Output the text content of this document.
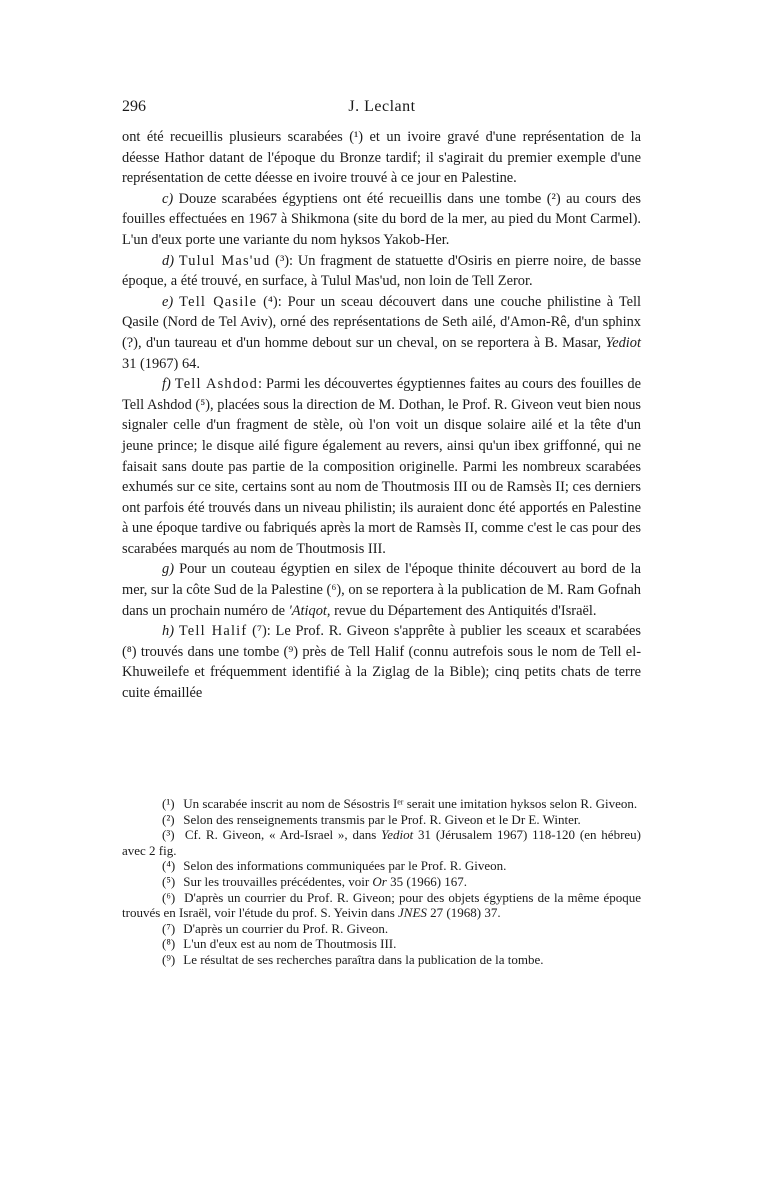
296	J. Leclant

ont été recueillis plusieurs scarabées (¹) et un ivoire gravé d'une représentation de la déesse Hathor datant de l'époque du Bronze tardif; il s'agirait du premier exemple d'une représentation de cette déesse en ivoire trouvé à ce jour en Palestine.

c) Douze scarabées égyptiens ont été recueillis dans une tombe (²) au cours des fouilles effectuées en 1967 à Shikmona (site du bord de la mer, au pied du Mont Carmel). L'un d'eux porte une variante du nom hyksos Yakob-Her.

d) Tulul Mas'ud (³): Un fragment de statuette d'Osiris en pierre noire, de basse époque, a été trouvé, en surface, à Tulul Mas'ud, non loin de Tell Zeror.

e) Tell Qasile (⁴): Pour un sceau découvert dans une couche philistine à Tell Qasile (Nord de Tel Aviv), orné des représentations de Seth ailé, d'Amon-Rê, d'un sphinx (?), d'un taureau et d'un homme debout sur un cheval, on se reportera à B. Masar, Yediot 31 (1967) 64.

f) Tell Ashdod: Parmi les découvertes égyptiennes faites au cours des fouilles de Tell Ashdod (⁵), placées sous la direction de M. Dothan, le Prof. R. Giveon veut bien nous signaler celle d'un fragment de stèle, où l'on voit un disque solaire ailé et la tête d'un jeune prince; le disque ailé figure également au revers, ainsi qu'un ibex griffonné, qui ne faisait sans doute pas partie de la composition originelle. Parmi les nombreux scarabées exhumés sur ce site, certains sont au nom de Thoutmosis III ou de Ramsès II; ces derniers ont parfois été trouvés dans un niveau philistin; ils auraient donc été apportés en Palestine à une époque tardive ou fabriqués après la mort de Ramsès II, comme c'est le cas pour des scarabées marqués au nom de Thoutmosis III.

g) Pour un couteau égyptien en silex de l'époque thinite découvert au bord de la mer, sur la côte Sud de la Palestine (⁶), on se reportera à la publication de M. Ram Gofnah dans un prochain numéro de 'Atiqot, revue du Département des Antiquités d'Israël.

h) Tell Halif (⁷): Le Prof. R. Giveon s'apprête à publier les sceaux et scarabées (⁸) trouvés dans une tombe (⁹) près de Tell Halif (connu autrefois sous le nom de Tell el-Khuweilefe et fréquemment identifié à la Ziglag de la Bible); cinq petits chats de terre cuite émaillée

(¹) Un scarabée inscrit au nom de Sésostris Iᵉʳ serait une imitation hyksos selon R. Giveon.

(²) Selon des renseignements transmis par le Prof. R. Giveon et le Dr E. Winter.

(³) Cf. R. Giveon, « Ard-Israel », dans Yediot 31 (Jérusalem 1967) 118-120 (en hébreu) avec 2 fig.

(⁴) Selon des informations communiquées par le Prof. R. Giveon.

(⁵) Sur les trouvailles précédentes, voir Or 35 (1966) 167.

(⁶) D'après un courrier du Prof. R. Giveon; pour des objets égyptiens de la même époque trouvés en Israël, voir l'étude du prof. S. Yeivin dans JNES 27 (1968) 37.

(⁷) D'après un courrier du Prof. R. Giveon.

(⁸) L'un d'eux est au nom de Thoutmosis III.

(⁹) Le résultat de ses recherches paraîtra dans la publication de la tombe.
